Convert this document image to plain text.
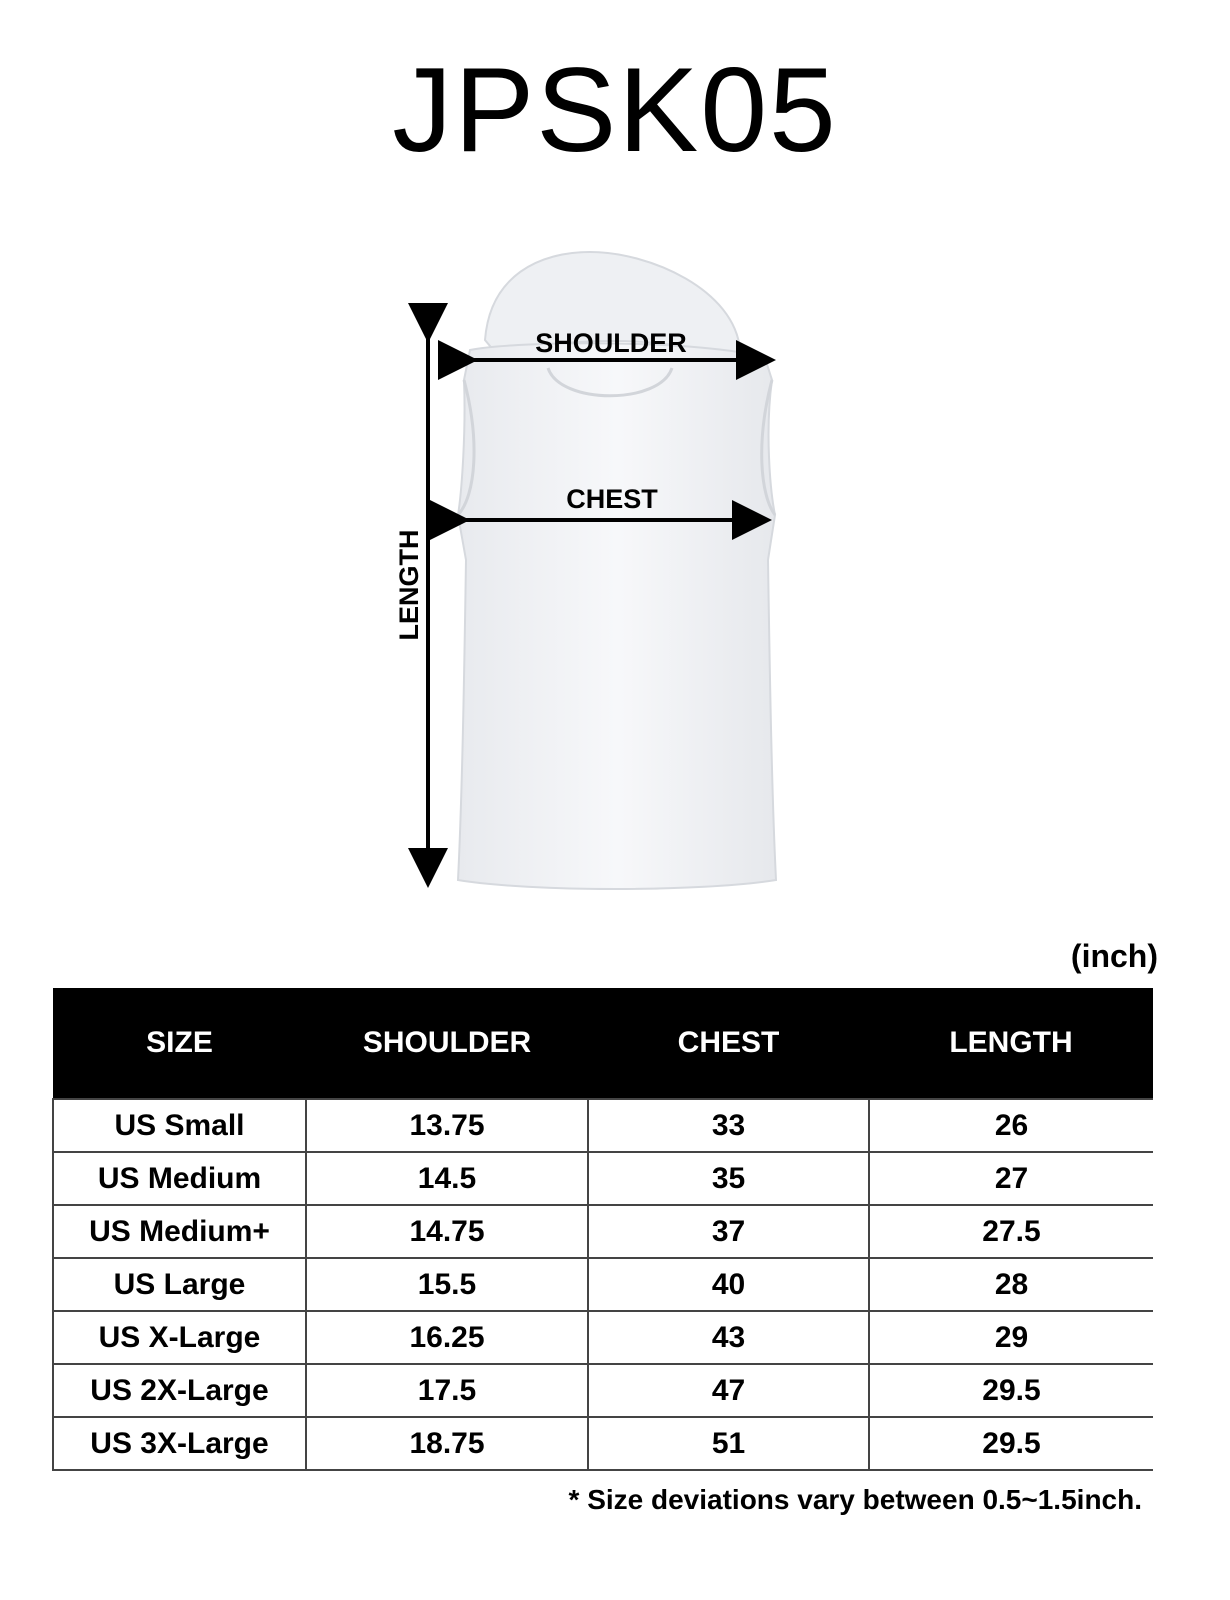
JPSK05
SHOULDER
CHEST
LENGTH
(inch)
SIZE	SHOULDER	CHEST	LENGTH
US Small	13.75	33	26
US Medium	14.5	35	27
US Medium+	14.75	37	27.5
US Large	15.5	40	28
US X-Large	16.25	43	29
US 2X-Large	17.5	47	29.5
US 3X-Large	18.75	51	29.5
* Size deviations vary between 0.5~1.5inch.
